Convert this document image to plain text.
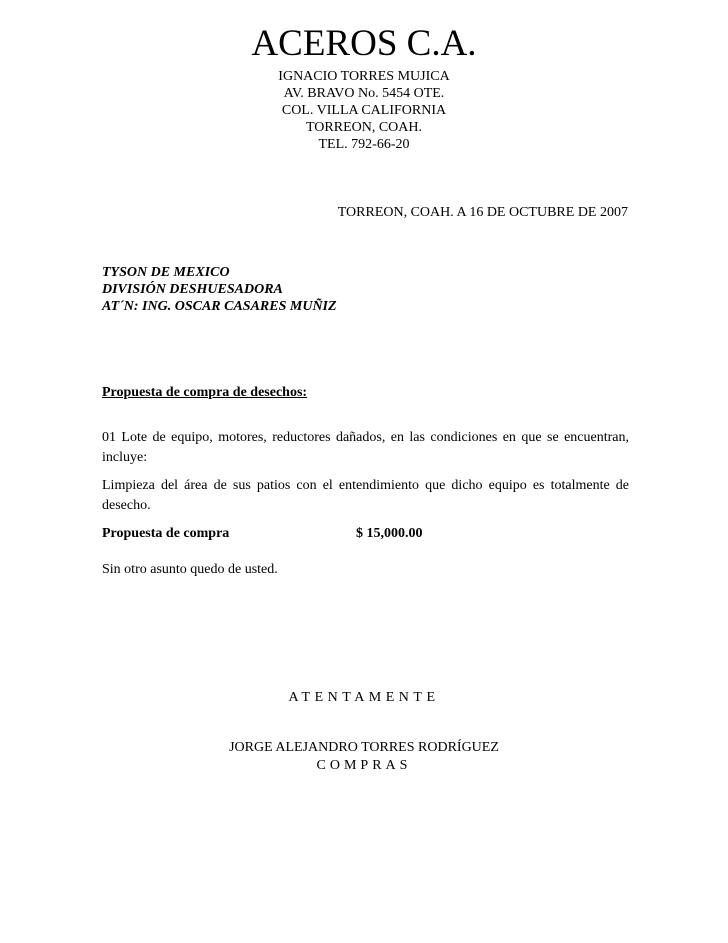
ACEROS C.A.
IGNACIO TORRES MUJICA
AV. BRAVO No. 5454 OTE.
COL. VILLA CALIFORNIA
TORREON, COAH.
TEL. 792-66-20
TORREON, COAH. A 16 DE OCTUBRE DE 2007
TYSON DE MEXICO
DIVISIÓN DESHUESADORA
AT´N: ING. OSCAR CASARES MUÑIZ
Propuesta de compra de desechos:
01 Lote de equipo, motores, reductores dañados, en las condiciones en que se encuentran, incluye:
Limpieza del área de sus patios con el entendimiento que dicho equipo es totalmente de desecho.
Propuesta de compra	$ 15,000.00
Sin otro asunto quedo de usted.
ATENTAMENTE
JORGE ALEJANDRO TORRES RODRÍGUEZ
COMPRAS
